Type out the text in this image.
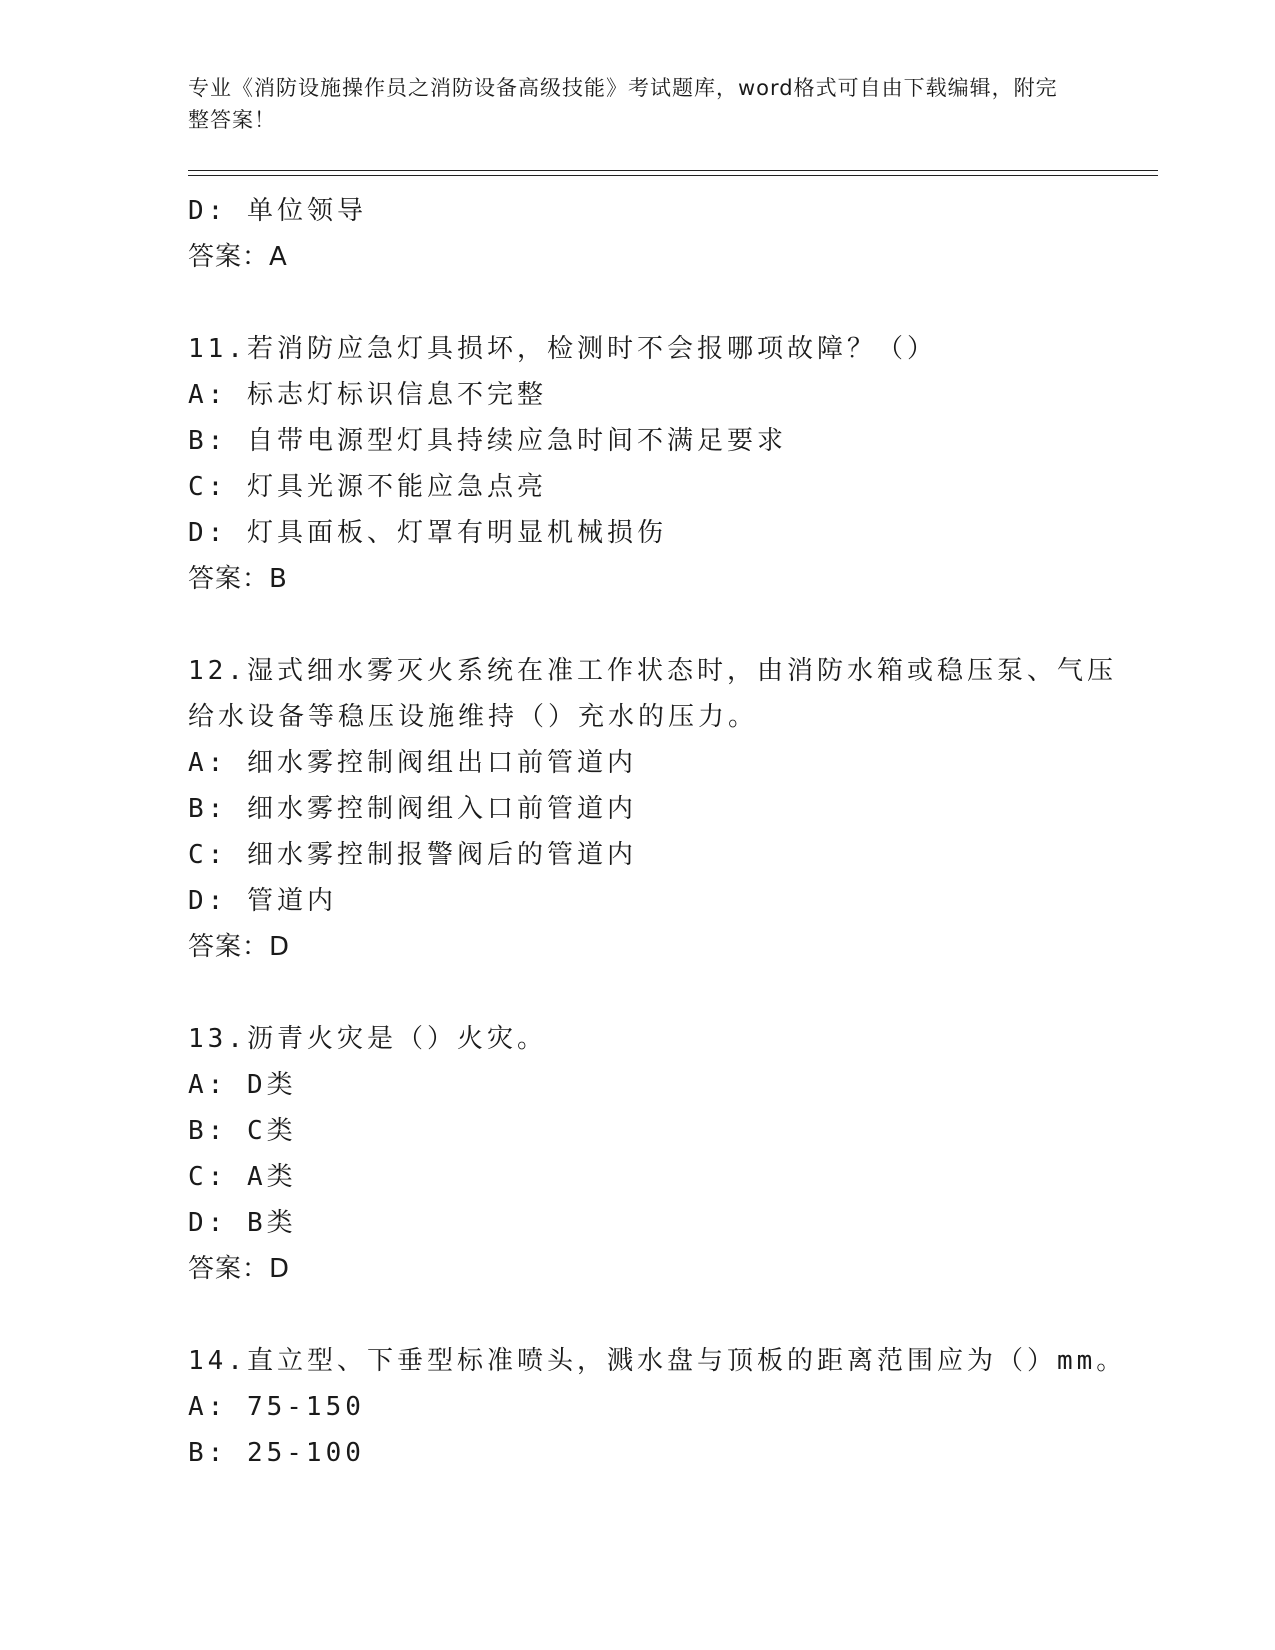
专业《消防设施操作员之消防设备高级技能》考试题库，word格式可自由下载编辑，附完整答案！
D: 单位领导
答案：A
11.若消防应急灯具损坏，检测时不会报哪项故障？（）
A: 标志灯标识信息不完整
B: 自带电源型灯具持续应急时间不满足要求
C: 灯具光源不能应急点亮
D: 灯具面板、灯罩有明显机械损伤
答案：B
12.湿式细水雾灭火系统在准工作状态时，由消防水箱或稳压泵、气压
给水设备等稳压设施维持（）充水的压力。
A: 细水雾控制阀组出口前管道内
B: 细水雾控制阀组入口前管道内
C: 细水雾控制报警阀后的管道内
D: 管道内
答案：D
13.沥青火灾是（）火灾。
A: D类
B: C类
C: A类
D: B类
答案：D
14.直立型、下垂型标准喷头，溅水盘与顶板的距离范围应为（）mm。
A: 75-150
B: 25-100
